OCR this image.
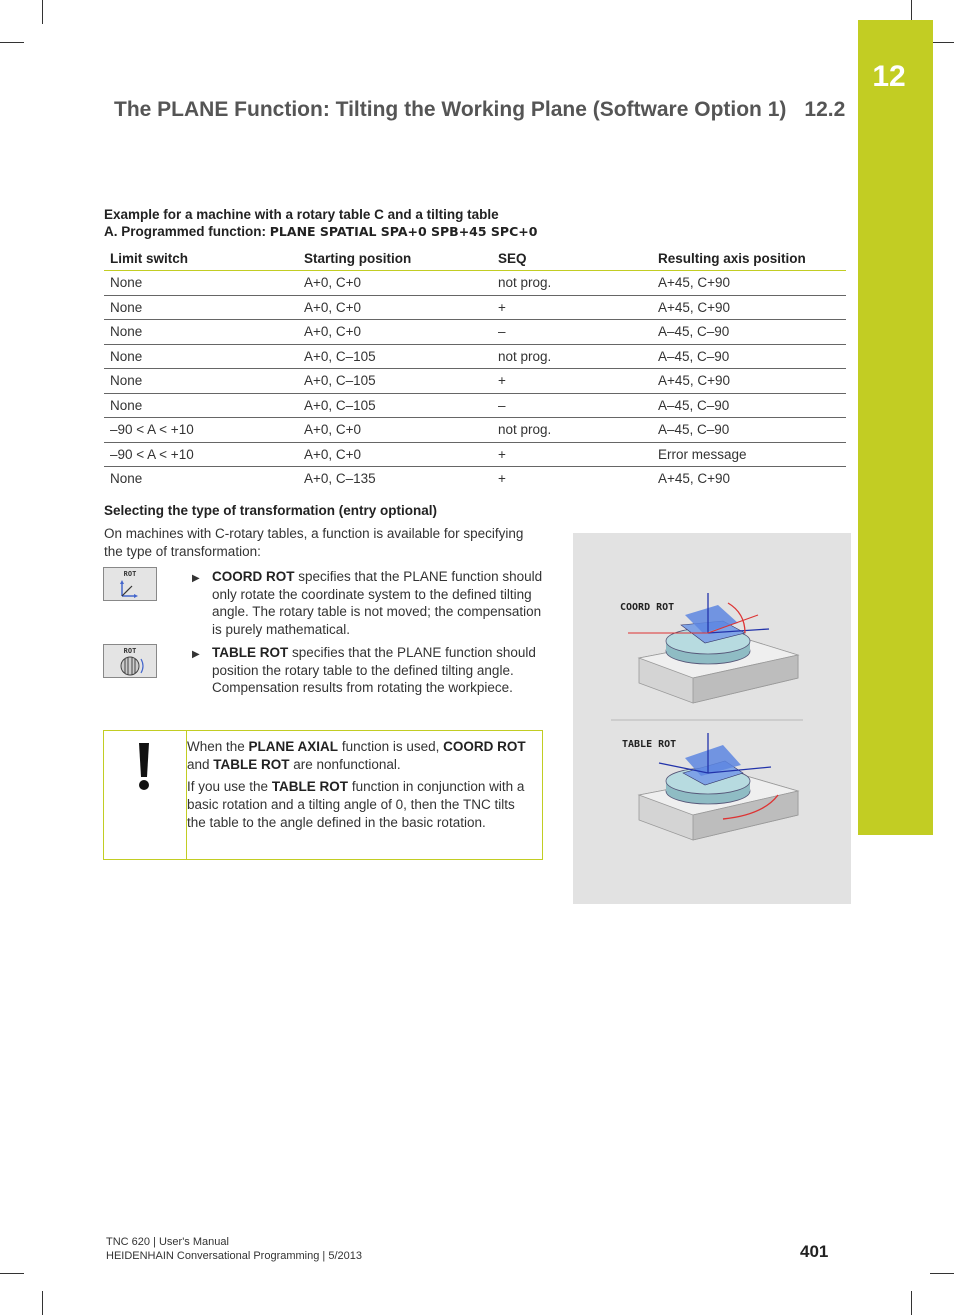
12
The PLANE Function: Tilting the Working Plane (Software Option 1) 12.2
Example for a machine with a rotary table C and a tilting table
A. Programmed function: PLANE SPATIAL SPA+0 SPB+45 SPC+0
Limit switch	Starting position	SEQ	Resulting axis position
None	A+0, C+0	not prog.	A+45, C+90
None	A+0, C+0	+	A+45, C+90
None	A+0, C+0	–	A–45, C–90
None	A+0, C–105	not prog.	A–45, C–90
None	A+0, C–105	+	A+45, C+90
None	A+0, C–105	–	A–45, C–90
–90 < A < +10	A+0, C+0	not prog.	A–45, C–90
–90 < A < +10	A+0, C+0	+	Error message
None	A+0, C–135	+	A+45, C+90
Selecting the type of transformation (entry optional)
On machines with C-rotary tables, a function is available for specifying the type of transformation:
ROT
ROT
▶ COORD ROT specifies that the PLANE function should only rotate the coordinate system to the defined tilting angle. The rotary table is not moved; the compensation is purely mathematical.
▶ TABLE ROT specifies that the PLANE function should position the rotary table to the defined tilting angle. Compensation results from rotating the workpiece.
When the PLANE AXIAL function is used, COORD ROT and TABLE ROT are nonfunctional.
If you use the TABLE ROT function in conjunction with a basic rotation and a tilting angle of 0, then the TNC tilts the table to the angle defined in the basic rotation.
COORD ROT
TABLE ROT
TNC 620 | User's Manual
HEIDENHAIN Conversational Programming | 5/2013	401
